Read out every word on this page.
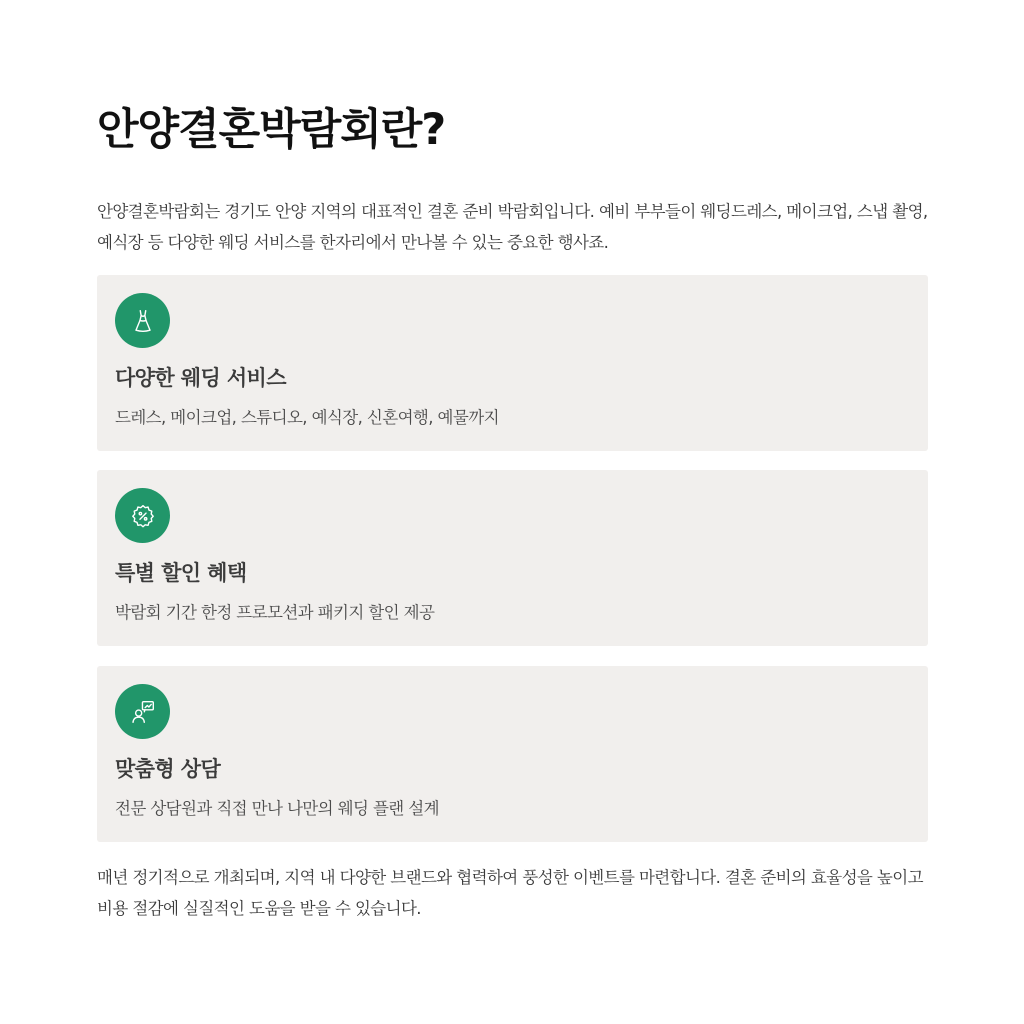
안양결혼박람회란?

안양결혼박람회는 경기도 안양 지역의 대표적인 결혼 준비 박람회입니다. 예비 부부들이 웨딩드레스, 메이크업, 스냅 촬영, 예식장 등 다양한 웨딩 서비스를 한자리에서 만나볼 수 있는 중요한 행사죠.

다양한 웨딩 서비스

드레스, 메이크업, 스튜디오, 예식장, 신혼여행, 예물까지

특별 할인 혜택

박람회 기간 한정 프로모션과 패키지 할인 제공

맞춤형 상담

전문 상담원과 직접 만나 나만의 웨딩 플랜 설계

매년 정기적으로 개최되며, 지역 내 다양한 브랜드와 협력하여 풍성한 이벤트를 마련합니다. 결혼 준비의 효율성을 높이고 비용 절감에 실질적인 도움을 받을 수 있습니다.
